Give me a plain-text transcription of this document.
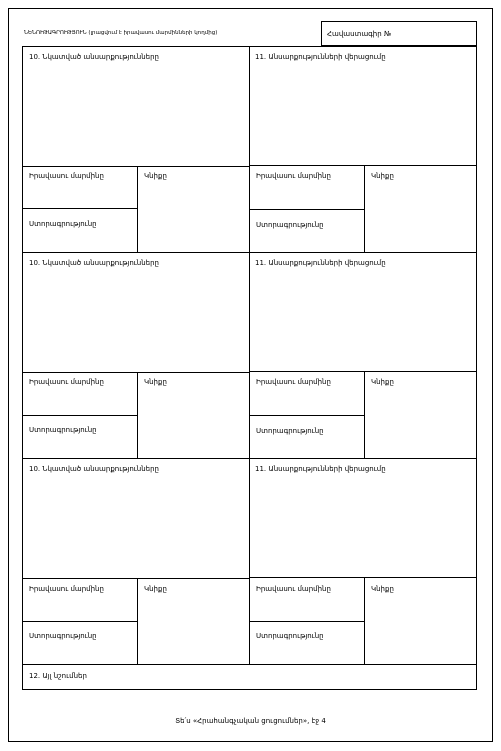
ՆԵՆՈՒԹԱԳՐՈՒԹՅՈՒՆ (լրացվում է իրավասու մարմինների կողմից)	Հավաստագիր №
10. Նկատված անսարքությունները	11. Անսարքությունների վերացումը
Իրավասու մարմինը	Կնիքը
Ստորագրությունը
Իրավասու մարմինը	Կնիքը
Ստորագրությունը
10. Նկատված անսարքությունները	11. Անսարքությունների վերացումը
Իրավասու մարմինը	Կնիքը
Ստորագրությունը
Իրավասու մարմինը	Կնիքը
Ստորագրությունը
10. Նկատված անսարքությունները	11. Անսարքությունների վերացումը
Իրավասու մարմինը	Կնիքը
Ստորագրությունը
Իրավասու մարմինը	Կնիքը
Ստորագրությունը
12. Այլ նշումներ
Տե՛ս «Հրահանգչական ցուցումներ», էջ 4
